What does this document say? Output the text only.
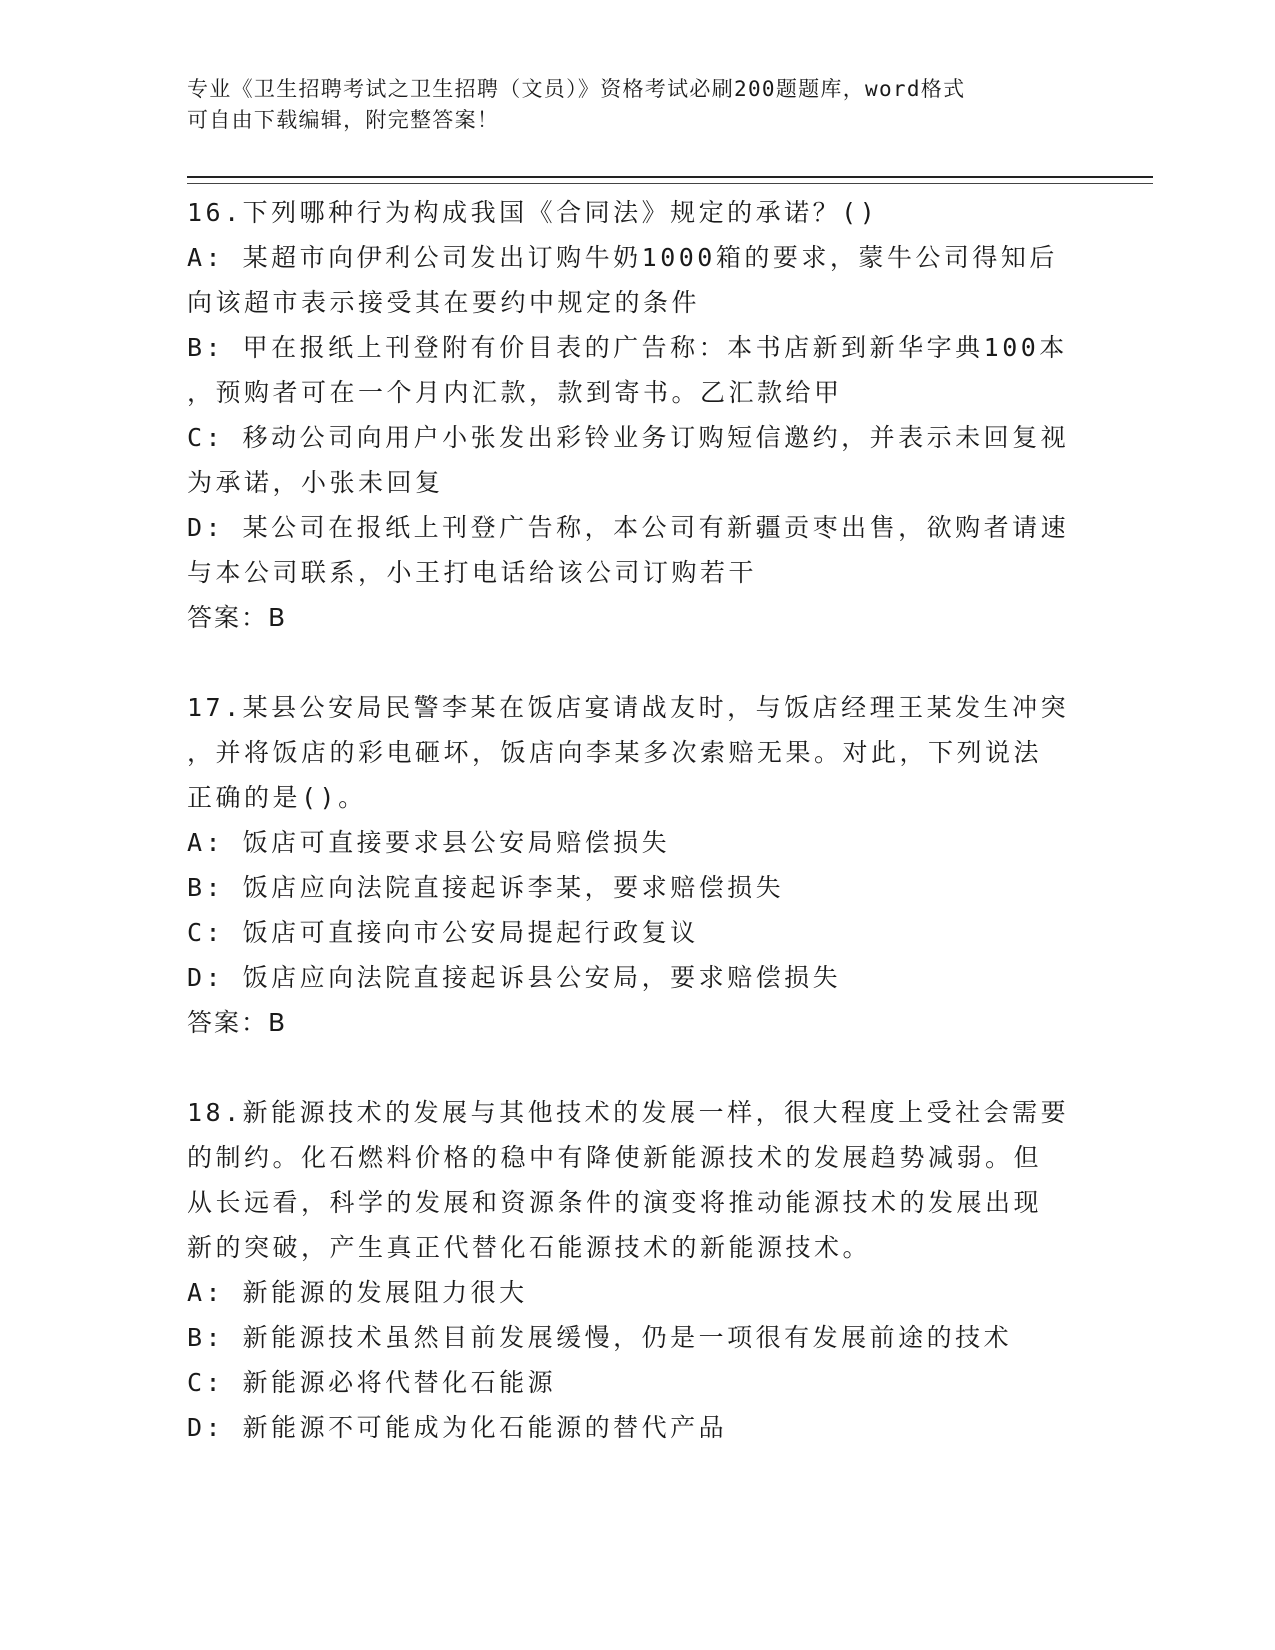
专业《卫生招聘考试之卫生招聘（文员）》资格考试必刷200题题库，word格式
可自由下载编辑，附完整答案！
16.下列哪种行为构成我国《合同法》规定的承诺？()
A: 某超市向伊利公司发出订购牛奶1000箱的要求，蒙牛公司得知后
向该超市表示接受其在要约中规定的条件
B: 甲在报纸上刊登附有价目表的广告称：本书店新到新华字典100本
，预购者可在一个月内汇款，款到寄书。乙汇款给甲
C: 移动公司向用户小张发出彩铃业务订购短信邀约，并表示未回复视
为承诺，小张未回复
D: 某公司在报纸上刊登广告称，本公司有新疆贡枣出售，欲购者请速
与本公司联系，小王打电话给该公司订购若干
答案：B
17.某县公安局民警李某在饭店宴请战友时，与饭店经理王某发生冲突
，并将饭店的彩电砸坏，饭店向李某多次索赔无果。对此，下列说法
正确的是()。
A: 饭店可直接要求县公安局赔偿损失
B: 饭店应向法院直接起诉李某，要求赔偿损失
C: 饭店可直接向市公安局提起行政复议
D: 饭店应向法院直接起诉县公安局，要求赔偿损失
答案：B
18.新能源技术的发展与其他技术的发展一样，很大程度上受社会需要
的制约。化石燃料价格的稳中有降使新能源技术的发展趋势减弱。但
从长远看，科学的发展和资源条件的演变将推动能源技术的发展出现
新的突破，产生真正代替化石能源技术的新能源技术。
A: 新能源的发展阻力很大
B: 新能源技术虽然目前发展缓慢，仍是一项很有发展前途的技术
C: 新能源必将代替化石能源
D: 新能源不可能成为化石能源的替代产品
